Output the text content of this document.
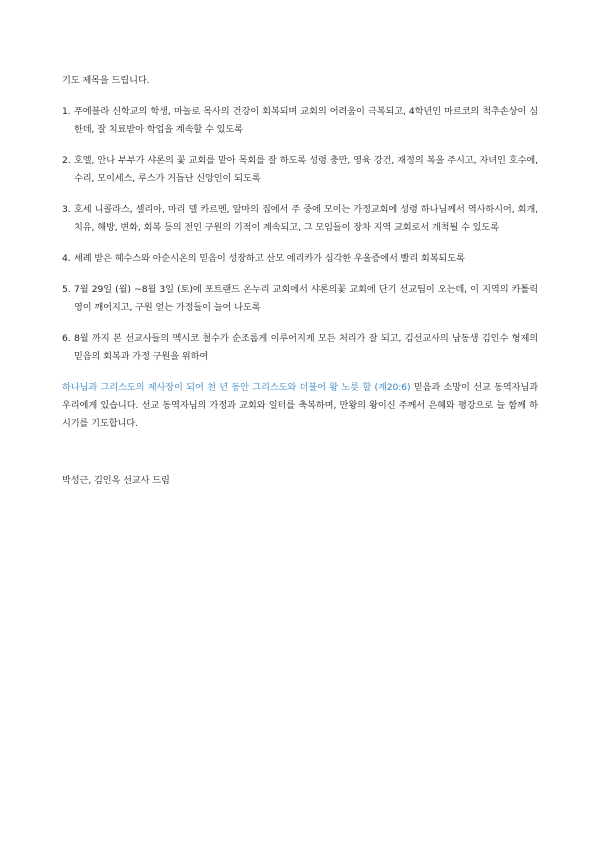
기도 제목을 드립니다.

1. 푸에블라 신학교의 학생, 마놀로 목사의 건강이 회복되며 교회의 어려움이 극복되고, 4학년인 마르코의 척추손상이 심한데, 잘 치료받아 학업을 계속할 수 있도록

2. 호엘, 안나 부부가 샤론의 꽃 교회를 맡아 목회를 잘 하도록 성령 충만, 영육 강건, 재정의 복을 주시고, 자녀인 호수에, 수리, 모이세스, 루스가 거듭난 신앙인이 되도록

3. 호세 니콜라스, 셀리아, 마리 델 카르멘, 알마의 집에서 주 중에 모이는 가정교회에 성령 하나님께서 역사하시어, 회개, 치유, 해방, 변화, 회복 등의 전인 구원의 기적이 계속되고, 그 모임들이 장차 지역 교회로서 개척될 수 있도록

4. 세례 받은 헤수스와 아순시온의 믿음이 성장하고 산모 에리카가 심각한 우울증에서 빨리 회복되도록

5. 7월 29일 (월) ~8월 3일 (토)에 포트랜드 온누리 교회에서 샤론의꽃 교회에 단기 선교팀이 오는데, 이 지역의 카톨릭 영이 깨어지고, 구원 얻는 가정들이 늘어 나도록

6. 8월 까지 본 선교사들의 멕시코 철수가 순조롭게 이루어지게 모든 처리가 잘 되고, 김선교사의 남동생 김인수 형제의 믿음의 회복과 가정 구원을 위하여

하나님과 그리스도의 제사장이 되어 천 년 동안 그리스도와 더불어 왕 노릇 할 (계20:6) 믿음과 소망이 선교 동역자님과 우리에게 있습니다. 선교 동역자님의 가정과 교회와 일터를 축복하며, 만왕의 왕이신 주께서 은혜와 평강으로 늘 함께 하시기를 기도합니다.

박성근, 김인옥 선교사 드림
